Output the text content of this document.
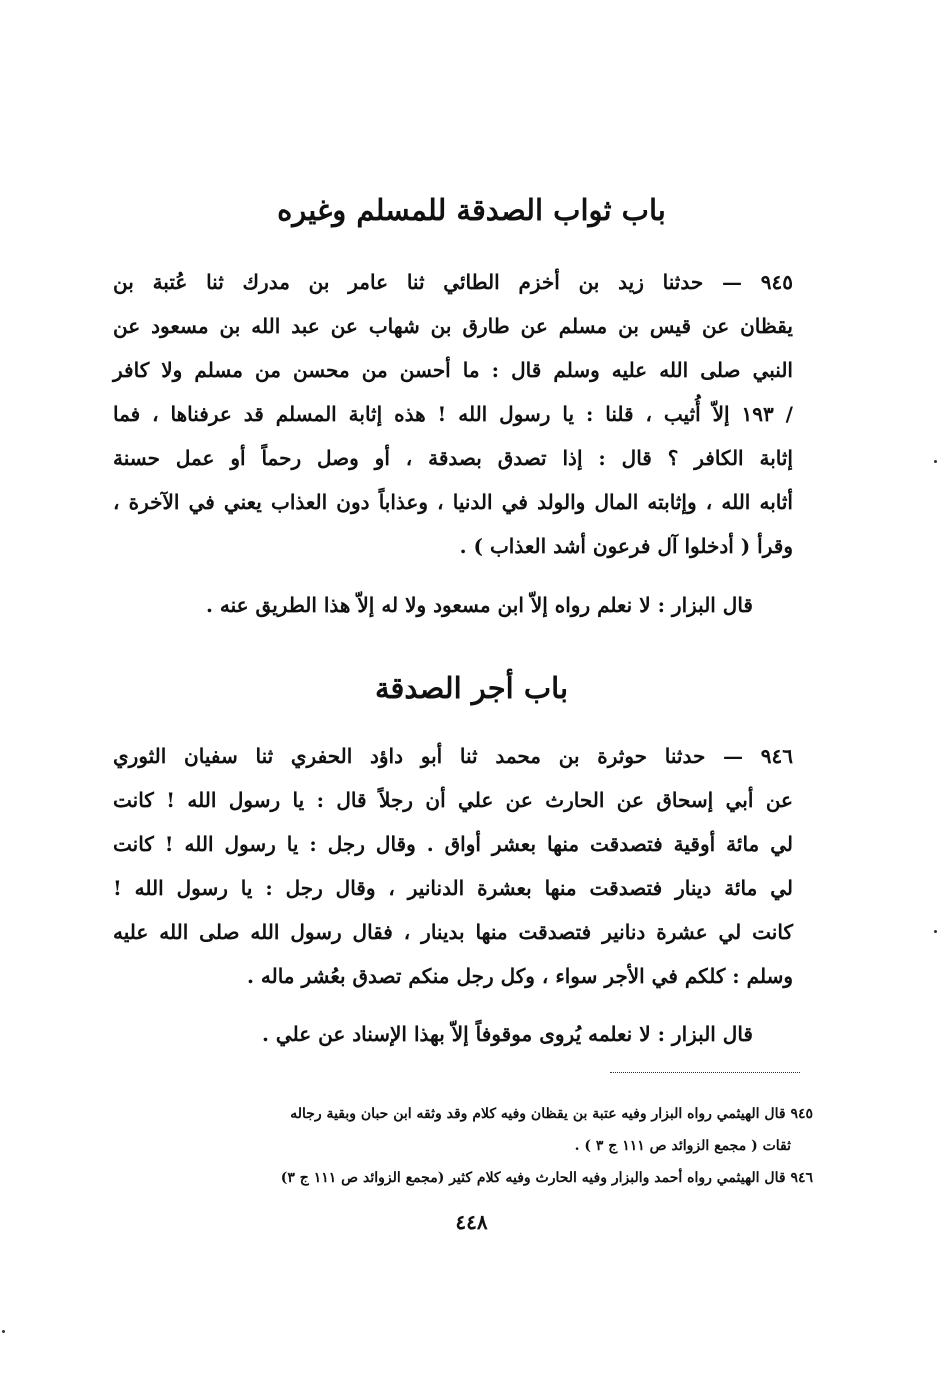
باب ثواب الصدقة للمسلم وغيره
٩٤٥ — حدثنا زيد بن أخزم الطائي ثنا عامر بن مدرك ثنا عُتبة بن
يقظان عن قيس بن مسلم عن طارق بن شهاب عن عبد الله بن مسعود عن
النبي صلى الله عليه وسلم قال : ما أحسن من محسن من مسلم ولا كافر
/ ١٩٣ إلاّ أُثيب ، قلنا : يا رسول الله ! هذه إثابة المسلم قد عرفناها ، فما
إثابة الكافر ؟ قال : إذا تصدق بصدقة ، أو وصل رحماً أو عمل حسنة
أثابه الله ، وإثابته المال والولد في الدنيا ، وعذاباً دون العذاب يعني في الآخرة ،
وقرأ ( أدخلوا آل فرعون أشد العذاب ) .
قال البزار : لا نعلم رواه إلاّ ابن مسعود ولا له إلاّ هذا الطريق عنه .
باب أجر الصدقة
٩٤٦ — حدثنا حوثرة بن محمد ثنا أبو داؤد الحفري ثنا سفيان الثوري
عن أبي إسحاق عن الحارث عن علي أن رجلاً قال : يا رسول الله ! كانت
لي مائة أوقية فتصدقت منها بعشر أواق . وقال رجل : يا رسول الله ! كانت
لي مائة دينار فتصدقت منها بعشرة الدنانير ، وقال رجل : يا رسول الله !
كانت لي عشرة دنانير فتصدقت منها بدينار ، فقال رسول الله صلى الله عليه
وسلم : كلكم في الأجر سواء ، وكل رجل منكم تصدق بعُشر ماله .
قال البزار : لا نعلمه يُروى موقوفاً إلاّ بهذا الإسناد عن علي .
٩٤٥ قال الهيثمي رواه البزار وفيه عتبة بن يقظان وفيه كلام وقد وثقه ابن حبان وبقية رجاله
ثقات ( مجمع الزوائد ص ١١١ ج ٣ ) .
٩٤٦ قال الهيثمي رواه أحمد والبزار وفيه الحارث وفيه كلام كثير (مجمع الزوائد ص ١١١ ج ٣)
٤٤٨
